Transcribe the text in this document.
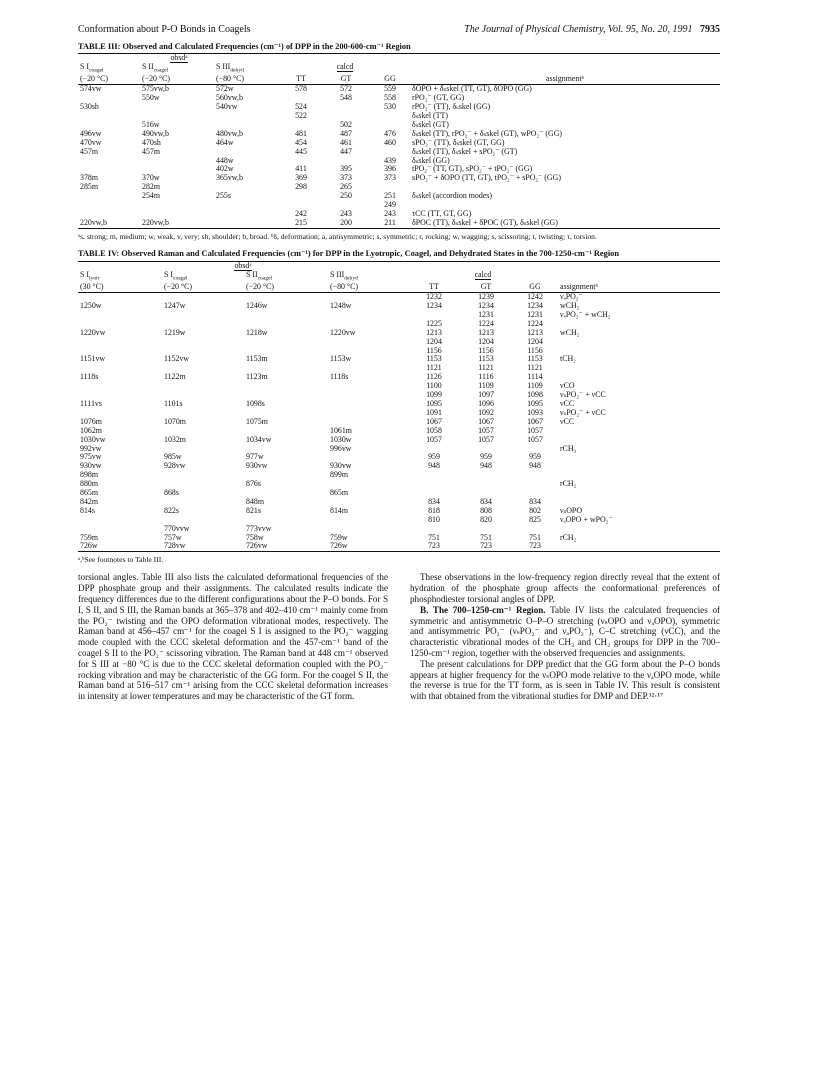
Conformation about P-O Bonds in Coagels	The Journal of Physical Chemistry, Vol. 95, No. 20, 1991 7935
TABLE III: Observed and Calculated Frequencies (cm⁻¹) of DPP in the 200-600-cm⁻¹ Region
obsdᵃ						
S $I_{coagel}$	S $II_{coagel}$	S $III_{dehyd}$	calcd			
(−20 °C)	(−20 °C)	(−80 °C)	TT	GT	GG	assignmentᵇ
574vw	575vw,b	572w	578	572	559	δOPO + δₛskel (TT, GT), δOPO (GG)
	550w	560vw,b		548	558	rPO₂⁻ (GT, GG)
530sh		540vw	524		530	rPO₂⁻ (TT), δₛskel (GG)
			522			δₛskel (TT)
	516w			502		δₛskel (GT)
496vw	490vw,b	480vw,b	481	487	476	δₛskel (TT), rPO₂⁻ + δₛskel (GT), wPO₂⁻ (GG)
470vw	470sh	464w	454	461	460	sPO₂⁻ (TT), δₛskel (GT, GG)
457m	457m		445	447		δₛskel (TT), δₛskel + sPO₂⁻ (GT)
		448w			439	δₛskel (GG)
		402w	411	395	396	tPO₂⁻ (TT, GT), sPO₂⁻ + tPO₂⁻ (GG)
378m	370w	365vw,b	369	373	373	sPO₂⁻ + δOPO (TT, GT), tPO₂⁻ + sPO₂⁻ (GG)
285m	282m		298	265		
	254m	255s		250	251	δₛskel (accordion modes)
					249	
			242	243	243	τCC (TT, GT, GG)
220vw,b	220vw,b		215	200	211	δPOC (TT), δₛskel + δPOC (GT), δₛskel (GG)
ᵃs, strong; m, medium; w, weak, v, very; sh, shoulder; b, broad. ᵇδ, deformation; a, antisymmetric; s, symmetric; r, rocking; w, wagging; s, scissoring; t, twisting; τ, torsion.
TABLE IV: Observed Raman and Calculated Frequencies (cm⁻¹) for DPP in the Lyotropic, Coagel, and Dehydrated States in the 700-1250-cm⁻¹ Region
obsdᵃ							
S $I_{lyotr}$	S $I_{coagel}$	S $II_{coagel}$	S $III_{dehyd}$	calcd			
(30 °C)	(−20 °C)	(−20 °C)	(−80 °C)	TT	GT	GG	assignmentᵇ
				1232	1239	1242	νₐPO₂⁻
1250w	1247w	1246w	1248w	1234	1234	1234	wCH₂
					1231	1231	νₐPO₂⁻ + wCH₂
				1225	1224	1224	
1220vw	1219w	1218w	1220vw	1213	1213	1213	wCH₂
				1204	1204	1204	
				1156	1156	1156	
1151vw	1152vw	1153m	1153w	1153	1153	1153	tCH₂
				1121	1121	1121	
1118s	1122m	1123m	1118s	1126	1116	1114	
				1100	1109	1109	νCO
				1099	1097	1098	νₛPO₂⁻ + νCC
1111vs	1101s	1098s		1095	1096	1095	νCC
				1091	1092	1093	νₛPO₂⁻ + νCC
1076m	1070m	1075m		1067	1067	1067	νCC
1062m			1061m	1058	1057	1057	
1030vw	1032m	1034vw	1030w	1057	1057	1057	
992vw			996vw				rCH₃
975vw	985w	977w		959	959	959	
930vw	928vw	930vw	930vw	948	948	948	
898m			899m				
880m		876s					rCH₂
865m	868s		865m				
842m		848m		834	834	834	
814s	822s	821s	814m	818	808	802	νₛOPO
				810	820	825	νₐOPO + wPO₂⁻
	770vvw	773vvw					
759m	757w	758w	759w	751	751	751	rCH₂
726w	728vw	726vw	726w	723	723	723	
ᵃ,ᵇSee footnotes to Table III.

torsional angles. Table III also lists the calculated deformational frequencies of the DPP phosphate group and their assignments. The calculated results indicate the frequency differences due to the different configurations about the P–O bonds. For S I, S II, and S III, the Raman bands at 365–378 and 402–410 cm⁻¹ mainly come from the PO₂⁻ twisting and the OPO deformation vibrational modes, respectively. The Raman band at 456–457 cm⁻¹ for the coagel S I is assigned to the PO₂⁻ wagging mode coupled with the CCC skeletal deformation and the 457-cm⁻¹ band of the coagel S II to the PO₂⁻ scissoring vibration. The Raman band at 448 cm⁻¹ observed for S III at −80 °C is due to the CCC skeletal deformation coupled with the PO₂⁻ rocking vibration and may be characteristic of the GG form. For the coagel S II, the Raman band at 516–517 cm⁻¹ arising from the CCC skeletal deformation increases in intensity at lower temperatures and may be characteristic of the GT form.

These observations in the low-frequency region directly reveal that the extent of hydration of the phosphate group affects the conformational preferences of phosphodiester torsional angles of DPP.

B. The 700–1250-cm⁻¹ Region. Table IV lists the calculated frequencies of symmetric and antisymmetric O–P–O stretching (νₛOPO and νₐOPO), symmetric and antisymmetric PO₂⁻ (νₛPO₂⁻ and νₐPO₂⁻), C–C stretching (νCC), and the characteristic vibrational modes of the CH₃ and CH₂ groups for DPP in the 700–1250-cm⁻¹ region, together with the observed frequencies and assignments.

The present calculations for DPP predict that the GG form about the P–O bonds appears at higher frequency for the νₛOPO mode relative to the νₐOPO mode, while the reverse is true for the TT form, as is seen in Table IV. This result is consistent with that obtained from the vibrational studies for DMP and DEP.¹²·¹⁷
